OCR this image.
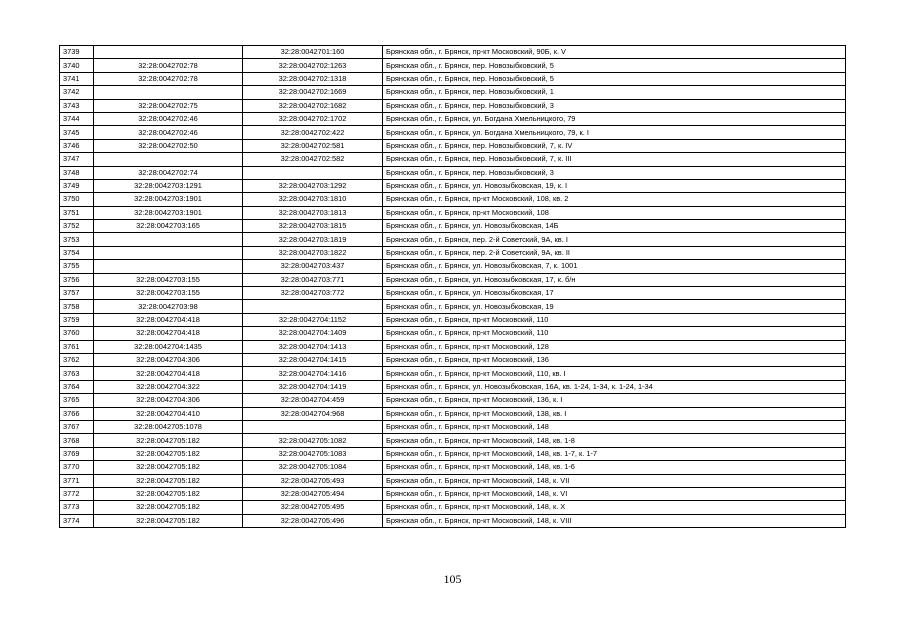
3739		32:28:0042701:160	Брянская обл., г. Брянск, пр-кт Московский, 90Б, к. V
3740	32:28:0042702:78	32:28:0042702:1263	Брянская обл., г. Брянск, пер. Новозыбковский, 5
3741	32:28:0042702:78	32:28:0042702:1318	Брянская обл., г. Брянск, пер. Новозыбковский, 5
3742		32:28:0042702:1669	Брянская обл., г. Брянск, пер. Новозыбковский, 1
3743	32:28:0042702:75	32:28:0042702:1682	Брянская обл., г. Брянск, пер. Новозыбковский, 3
3744	32:28:0042702:46	32:28:0042702:1702	Брянская обл., г. Брянск, ул. Богдана Хмельницкого, 79
3745	32:28:0042702:46	32:28:0042702:422	Брянская обл., г. Брянск, ул. Богдана Хмельницкого, 79, к. I
3746	32:28:0042702:50	32:28:0042702:581	Брянская обл., г. Брянск, пер. Новозыбковский, 7, к. IV
3747		32:28:0042702:582	Брянская обл., г. Брянск, пер. Новозыбковский, 7, к. III
3748	32:28:0042702:74		Брянская обл., г. Брянск, пер. Новозыбковский, 3
3749	32:28:0042703:1291	32:28:0042703:1292	Брянская обл., г. Брянск, ул. Новозыбковская, 19, к. I
3750	32:28:0042703:1901	32:28:0042703:1810	Брянская обл., г. Брянск, пр-кт Московский, 108, кв. 2
3751	32:28:0042703:1901	32:28:0042703:1813	Брянская обл., г. Брянск, пр-кт Московский, 108
3752	32:28:0042703:165	32:28:0042703:1815	Брянская обл., г. Брянск, ул. Новозыбковская, 14Б
3753		32:28:0042703:1819	Брянская обл., г. Брянск, пер. 2-й Советский, 9А, кв. I
3754		32:28:0042703:1822	Брянская обл., г. Брянск, пер. 2-й Советский, 9А, кв. II
3755		32:28:0042703:437	Брянская обл., г. Брянск, ул. Новозыбковская, 7, к. 1001
3756	32:28:0042703:155	32:28:0042703:771	Брянская обл., г. Брянск, ул. Новозыбковская, 17, к. б/н
3757	32:28:0042703:155	32:28:0042703:772	Брянская обл., г. Брянск, ул. Новозыбковская, 17
3758	32:28:0042703:98		Брянская обл., г. Брянск, ул. Новозыбковская, 19
3759	32:28:0042704:418	32:28:0042704:1152	Брянская обл., г. Брянск, пр-кт Московский, 110
3760	32:28:0042704:418	32:28:0042704:1409	Брянская обл., г. Брянск, пр-кт Московский, 110
3761	32:28:0042704:1435	32:28:0042704:1413	Брянская обл., г. Брянск, пр-кт Московский, 128
3762	32:28:0042704:306	32:28:0042704:1415	Брянская обл., г. Брянск, пр-кт Московский, 136
3763	32:28:0042704:418	32:28:0042704:1416	Брянская обл., г. Брянск, пр-кт Московский, 110, кв. I
3764	32:28:0042704:322	32:28:0042704:1419	Брянская обл., г. Брянск, ул. Новозыбковская, 16А, кв. 1-24, 1-34, к. 1-24, 1-34
3765	32:28:0042704:306	32:28:0042704:459	Брянская обл., г. Брянск, пр-кт Московский, 136, к. I
3766	32:28:0042704:410	32:28:0042704:968	Брянская обл., г. Брянск, пр-кт Московский, 138, кв. I
3767	32:28:0042705:1078		Брянская обл., г. Брянск, пр-кт Московский, 148
3768	32:28:0042705:182	32:28:0042705:1082	Брянская обл., г. Брянск, пр-кт Московский, 148, кв. 1-8
3769	32:28:0042705:182	32:28:0042705:1083	Брянская обл., г. Брянск, пр-кт Московский, 148, кв. 1-7, к. 1-7
3770	32:28:0042705:182	32:28:0042705:1084	Брянская обл., г. Брянск, пр-кт Московский, 148, кв. 1-6
3771	32:28:0042705:182	32:28:0042705:493	Брянская обл., г. Брянск, пр-кт Московский, 148, к. VII
3772	32:28:0042705:182	32:28:0042705:494	Брянская обл., г. Брянск, пр-кт Московский, 148, к. VI
3773	32:28:0042705:182	32:28:0042705:495	Брянская обл., г. Брянск, пр-кт Московский, 148, к. X
3774	32:28:0042705:182	32:28:0042705:496	Брянская обл., г. Брянск, пр-кт Московский, 148, к. VIII
105
